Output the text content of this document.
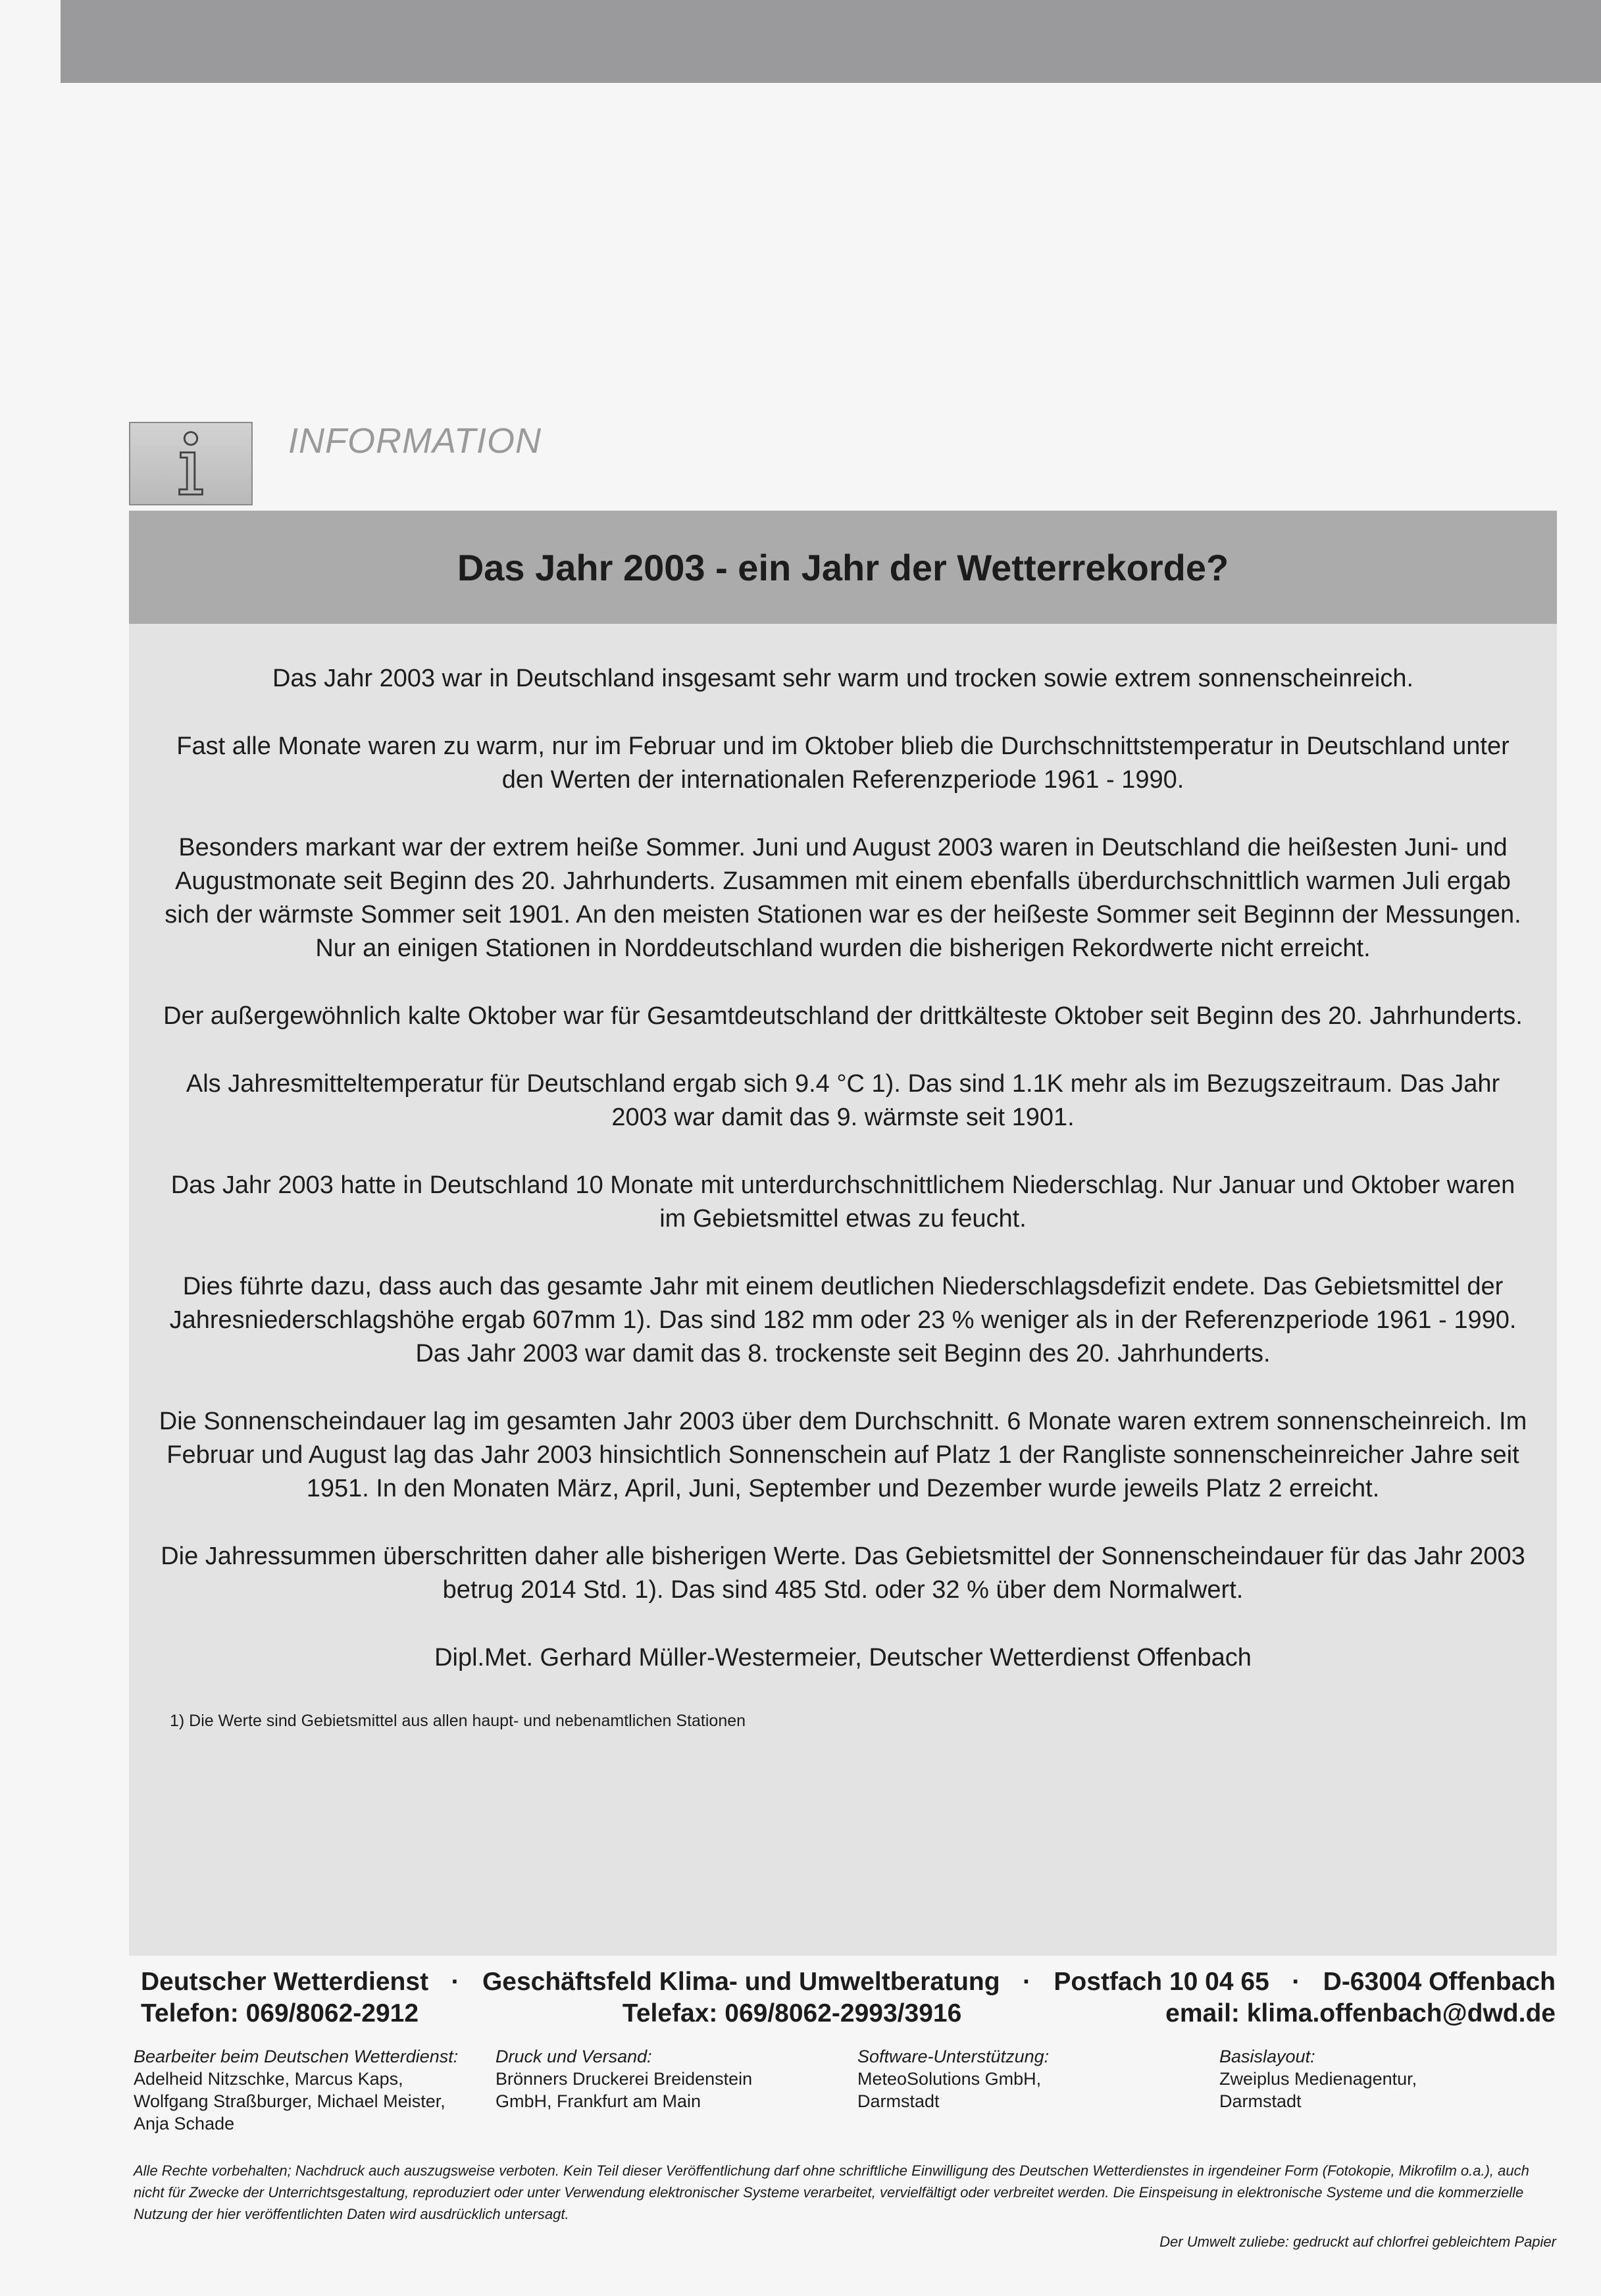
INFORMATION
Das Jahr 2003 - ein Jahr der Wetterrekorde?

Das Jahr 2003 war in Deutschland insgesamt sehr warm und trocken sowie extrem sonnenscheinreich.

Fast alle Monate waren zu warm, nur im Februar und im Oktober blieb die Durchschnittstemperatur in Deutschland unter den Werten der internationalen Referenzperiode 1961 - 1990.

Besonders markant war der extrem heiße Sommer. Juni und August 2003 waren in Deutschland die heißesten Juni- und Augustmonate seit Beginn des 20. Jahrhunderts. Zusammen mit einem ebenfalls überdurchschnittlich warmen Juli ergab sich der wärmste Sommer seit 1901. An den meisten Stationen war es der heißeste Sommer seit Beginnn der Messungen. Nur an einigen Stationen in Norddeutschland wurden die bisherigen Rekordwerte nicht erreicht.

Der außergewöhnlich kalte Oktober war für Gesamtdeutschland der drittkälteste Oktober seit Beginn des 20. Jahrhunderts.

Als Jahresmitteltemperatur für Deutschland ergab sich 9.4 °C 1). Das sind 1.1K mehr als im Bezugszeitraum. Das Jahr 2003 war damit das 9. wärmste seit 1901.

Das Jahr 2003 hatte in Deutschland 10 Monate mit unterdurchschnittlichem Niederschlag. Nur Januar und Oktober waren im Gebietsmittel etwas zu feucht.

Dies führte dazu, dass auch das gesamte Jahr mit einem deutlichen Niederschlagsdefizit endete. Das Gebietsmittel der Jahresniederschlagshöhe ergab 607mm 1). Das sind 182 mm oder 23 % weniger als in der Referenzperiode 1961 - 1990. Das Jahr 2003 war damit das 8. trockenste seit Beginn des 20. Jahrhunderts.

Die Sonnenscheindauer lag im gesamten Jahr 2003 über dem Durchschnitt. 6 Monate waren extrem sonnenscheinreich. Im Februar und August lag das Jahr 2003 hinsichtlich Sonnenschein auf Platz 1 der Rangliste sonnenscheinreicher Jahre seit 1951. In den Monaten März, April, Juni, September und Dezember wurde jeweils Platz 2 erreicht.

Die Jahressummen überschritten daher alle bisherigen Werte. Das Gebietsmittel der Sonnenscheindauer für das Jahr 2003 betrug 2014 Std. 1). Das sind 485 Std. oder 32 % über dem Normalwert.

Dipl.Met. Gerhard Müller-Westermeier, Deutscher Wetterdienst Offenbach

1) Die Werte sind Gebietsmittel aus allen haupt- und nebenamtlichen Stationen

Deutscher Wetterdienst · Geschäftsfeld Klima- und Umweltberatung · Postfach 10 04 65 · D-63004 Offenbach
Telefon: 069/8062-2912	Telefax: 069/8062-2993/3916	email: klima.offenbach@dwd.de
Bearbeiter beim Deutschen Wetterdienst:
Adelheid Nitzschke, Marcus Kaps,
Wolfgang Straßburger, Michael Meister,
Anja Schade
Druck und Versand:
Brönners Druckerei Breidenstein
GmbH, Frankfurt am Main
Software-Unterstützung:
MeteoSolutions GmbH,
Darmstadt
Basislayout:
Zweiplus Medienagentur,
Darmstadt
Alle Rechte vorbehalten; Nachdruck auch auszugsweise verboten. Kein Teil dieser Veröffentlichung darf ohne schriftliche Einwilligung des Deutschen Wetterdienstes in irgendeiner Form (Fotokopie, Mikrofilm o.a.), auch nicht für Zwecke der Unterrichtsgestaltung, reproduziert oder unter Verwendung elektronischer Systeme verarbeitet, vervielfältigt oder verbreitet werden. Die Einspeisung in elektronische Systeme und die kommerzielle Nutzung der hier veröffentlichten Daten wird ausdrücklich untersagt.
Der Umwelt zuliebe: gedruckt auf chlorfrei gebleichtem Papier
